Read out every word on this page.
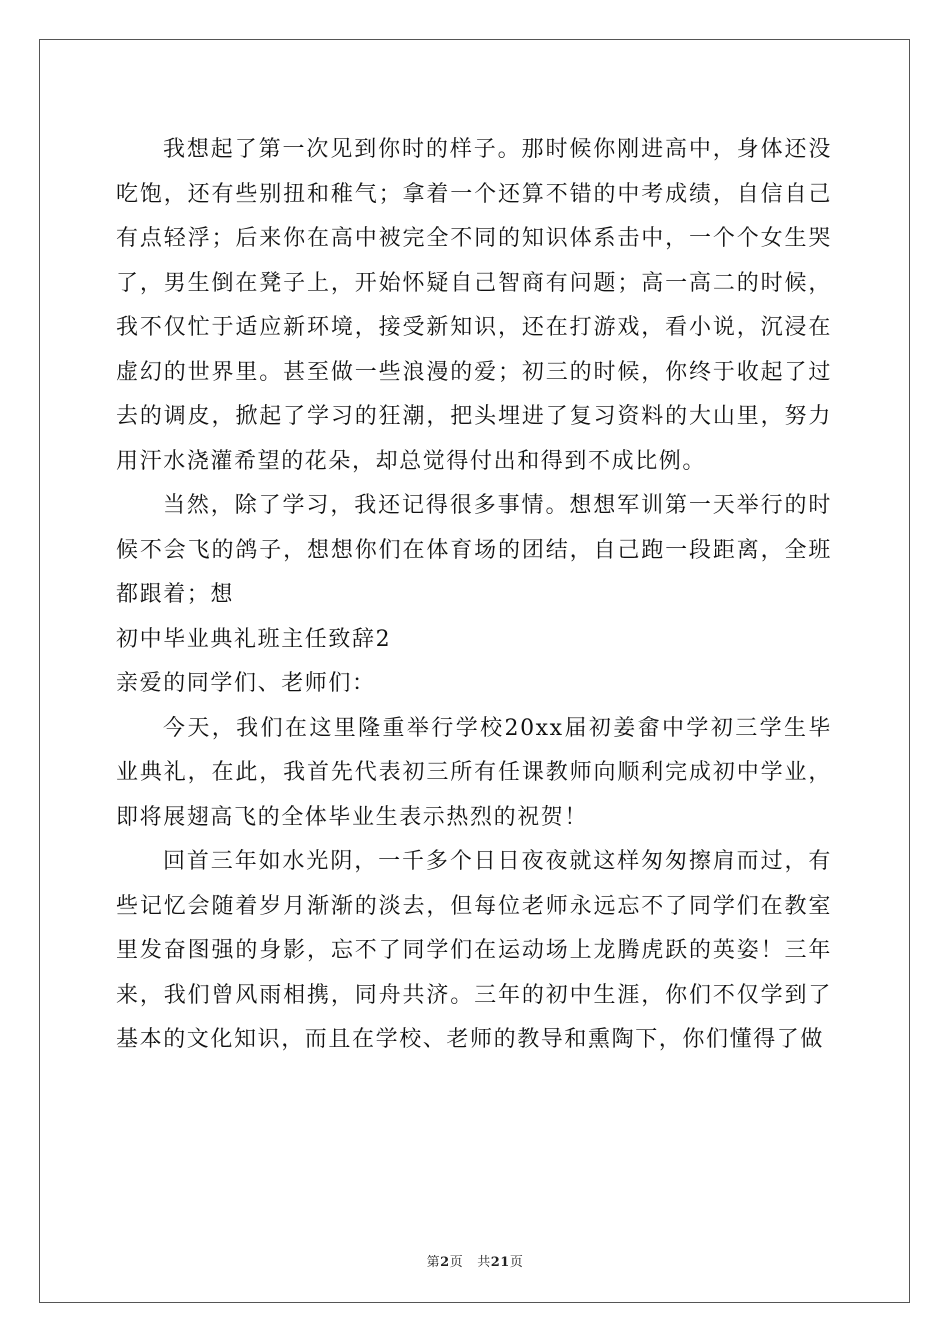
我想起了第一次见到你时的样子。那时候你刚进高中，身体还没吃饱，还有些别扭和稚气；拿着一个还算不错的中考成绩，自信自己有点轻浮；后来你在高中被完全不同的知识体系击中，一个个女生哭了，男生倒在凳子上，开始怀疑自己智商有问题；高一高二的时候，我不仅忙于适应新环境，接受新知识，还在打游戏，看小说，沉浸在虚幻的世界里。甚至做一些浪漫的爱；初三的时候，你终于收起了过去的调皮，掀起了学习的狂潮，把头埋进了复习资料的大山里，努力用汗水浇灌希望的花朵，却总觉得付出和得到不成比例。

当然，除了学习，我还记得很多事情。想想军训第一天举行的时候不会飞的鸽子，想想你们在体育场的团结，自己跑一段距离，全班都跟着；想

初中毕业典礼班主任致辞2

亲爱的同学们、老师们：

今天，我们在这里隆重举行学校20xx届初姜畲中学初三学生毕业典礼，在此，我首先代表初三所有任课教师向顺利完成初中学业，即将展翅高飞的全体毕业生表示热烈的祝贺！

回首三年如水光阴，一千多个日日夜夜就这样匆匆擦肩而过，有些记忆会随着岁月渐渐的淡去，但每位老师永远忘不了同学们在教室里发奋图强的身影，忘不了同学们在运动场上龙腾虎跃的英姿！三年来，我们曾风雨相携，同舟共济。三年的初中生涯，你们不仅学到了基本的文化知识，而且在学校、老师的教导和熏陶下，你们懂得了做

第2页 共21页
